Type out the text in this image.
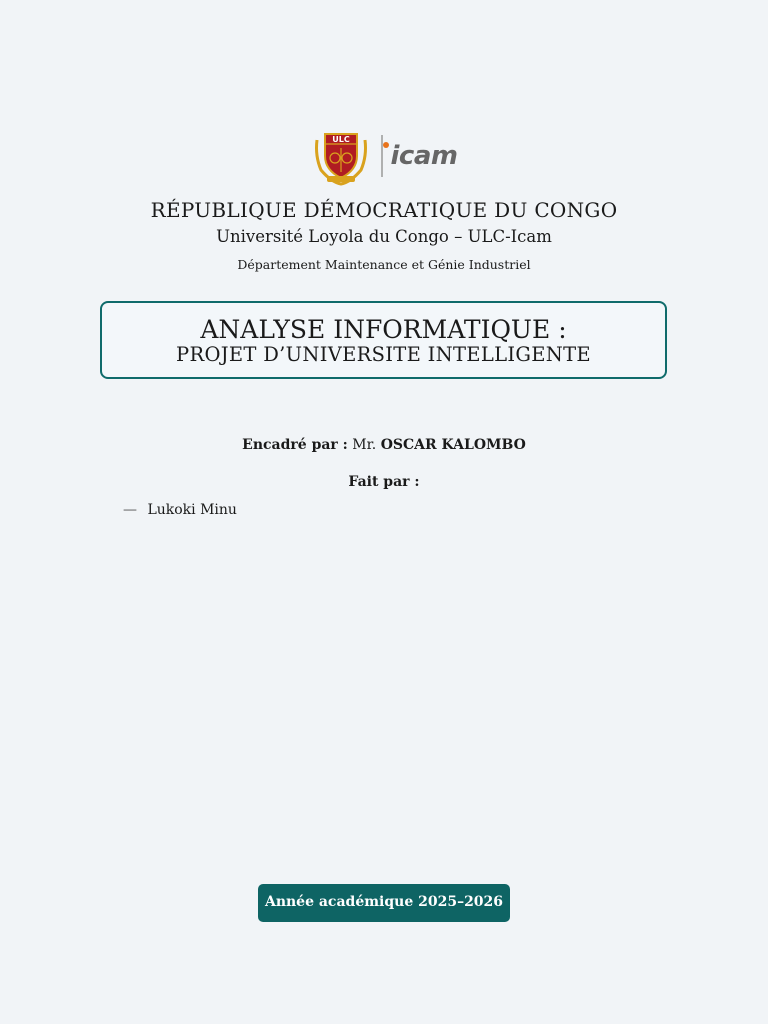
ULC
icam

RÉPUBLIQUE DÉMOCRATIQUE DU CONGO

Université Loyola du Congo – ULC-Icam

Département Maintenance et Génie Industriel

ANALYSE INFORMATIQUE :
PROJET D’UNIVERSITE INTELLIGENTE
Encadré par : Mr. OSCAR KALOMBO
Fait par :
— Lukoki Minu
Année académique 2025–2026
